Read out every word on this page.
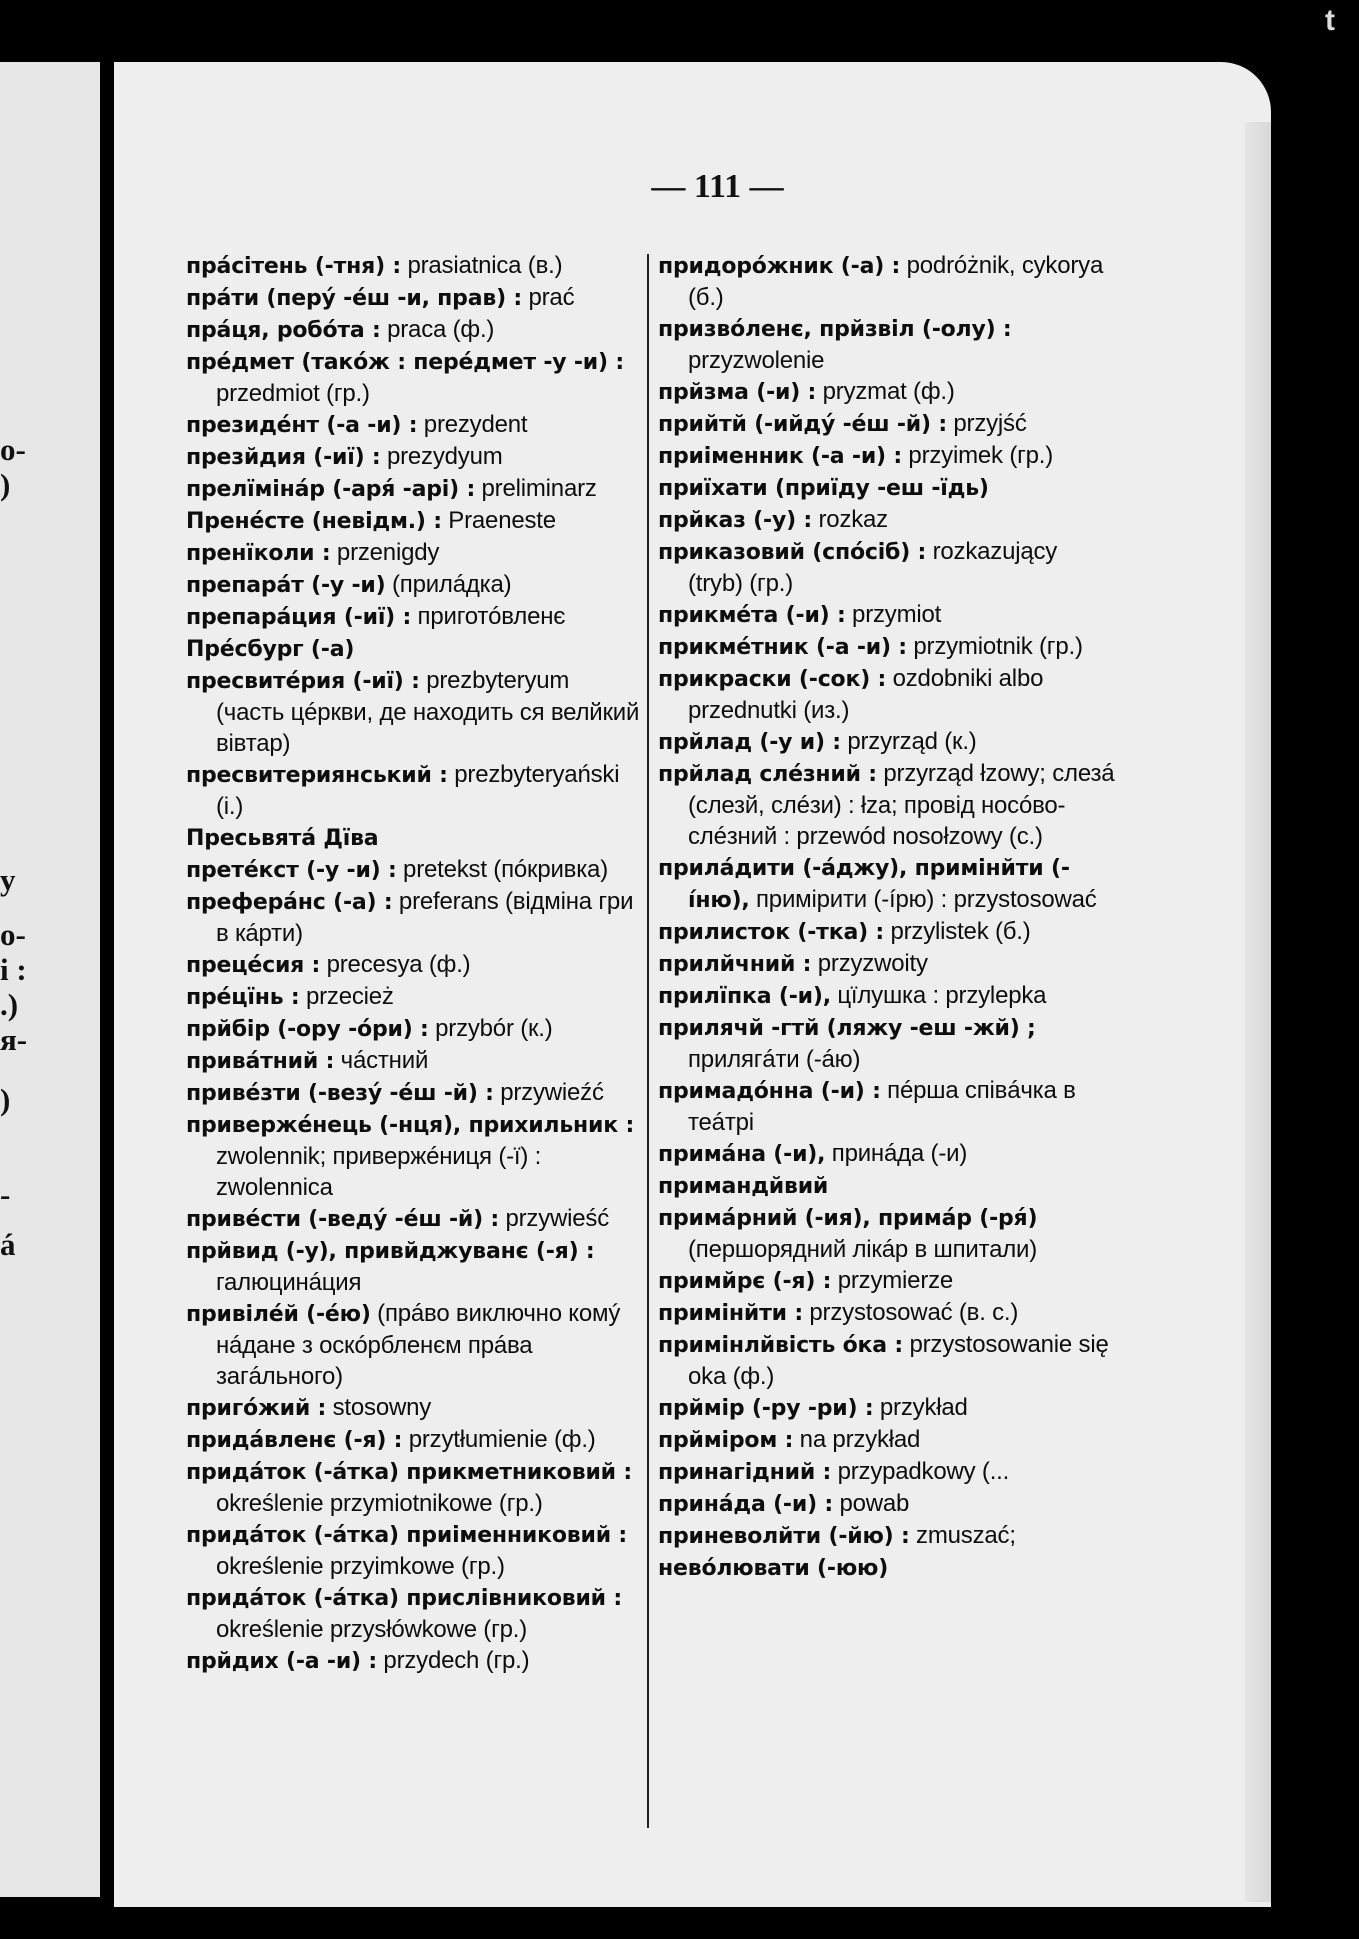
t
o-
)
y
o-
i :
.)
я-
)
-
á
— 111 —

прácітень (-тня) : prasiatnica (в.)

прáти (перý -éш -и, прав) : prać

прáця, робóта : praca (ф.)

прéдмет (такóж : перéдмет -у -и) : przedmiot (гр.)

президéнт (-а -и) : prezydent

презйдия (-иї) : prezydyum

прелїмінáр (-аря́ -арі) : preliminarz

Пренéсте (невідм.) : Praeneste

пренїколи : przenigdy

препарáт (-у -и) (прилáдка)

препарáция (-иї) : приготóвленє

Прéсбург (-а)

пресвитéрия (-иї) : prezbyteryum (часть цéркви, де находить ся велйкий вівтар)

пресвитериянський : prezbyteryański (і.)

Пресьвятá Дїва

претéкст (-у -и) : pretekst (пóкривка)

преферáнс (-а) : preferans (відміна гри в кáрти)

прецéсия : precesya (ф.)

прéцїнь : przecież

прйбір (-ору -óри) : przybór (к.)

привáтний : чáстний

привéзти (-везý -éш -й) : przywieźć

привержéнець (-нця), прихильник : zwolennik; привержéниця (-ї) : zwolennica

привéсти (-ведý -éш -й) : przywieść

прйвид (-у), привйджуванє (-я) : галюцинáция

привілéй (-éю) (прáво виключно комý нáдане з оскóрбленєм прáва загáльного)

пригóжий : stosowny

придáвленє (-я) : przytłumienie (ф.)

придáток (-áтка) прикметниковий : określenie przymiotnikowe (гр.)

придáток (-áтка) приіменниковий : określenie przyimkowe (гр.)

придáток (-áтка) прислівниковий : określenie przysłówkowe (гр.)

прйдих (-а -и) : przydech (гр.)

придорóжник (-а) : podróżnik, cykorya (б.)

призвóленє, прйзвіл (-олу) : przyzwolenie

прйзма (-и) : pryzmat (ф.)

прийтй (-ийдý -éш -й) : przyjść

приіменник (-а -и) : przyimek (гр.)

приїхати (приїду -еш -їдь)

прйказ (-у) : rozkaz

приказовий (спóсіб) : rozkazujący (tryb) (гр.)

прикмéта (-и) : przymiot

прикмéтник (-а -и) : przymiotnik (гр.)

прикраски (-сок) : ozdobniki albo przednutki (из.)

прйлад (-у и) : przyrząd (к.)

прйлад слéзний : przyrząd łzowy; слезá (слезй, слéзи) : łza; провід носóво-слéзний : przewód nosołzowy (с.)

прилáдити (-áджу), примінйти (-íню), примірити (-íрю) : przystosować

прилисток (-тка) : przylistek (б.)

прилйчний : przyzwoity

прилїпка (-и), цїлушка : przylepka

прилячй -гтй (ляжу -еш -жй) ; прилягáти (-áю)

примадóнна (-и) : пéрша співáчка в теáтрі

примáна (-и), принáда (-и)

примандйвий

примáрний (-ия), примáр (-ря́) (першорядний лікáр в шпитали)

примйрє (-я) : przymierze

примінйти : przystosować (в. с.)

примінлйвість óка : przystosowanie się oka (ф.)

прймір (-ру -ри) : przykład

прйміром : na przykład

принагідний : przypadkowy (...

принáда (-и) : powab

приневолйти (-йю) : zmuszać;

невóлювати (-юю)
